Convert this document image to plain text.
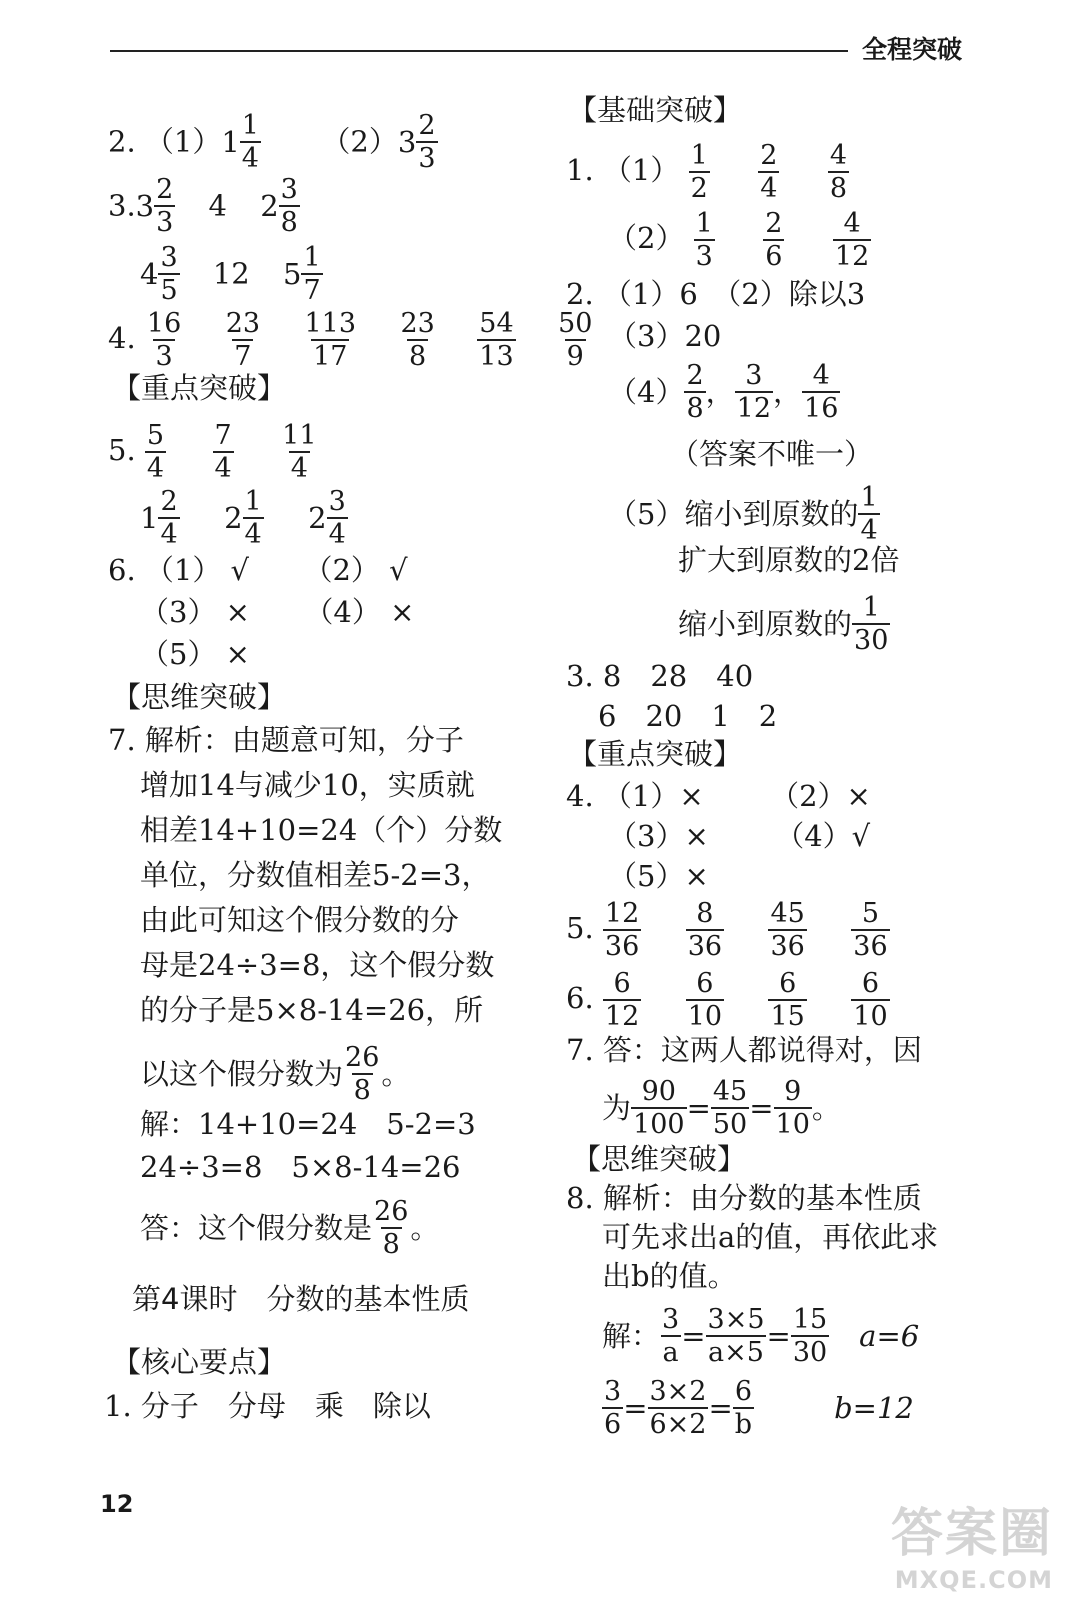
全程突破
2. （1） $1 \frac{1}{4} (2)$ $3 \frac{2}{3}$
3. $3 \frac{2}{3} 4$ $2 \frac{3}{8}$
$4 \frac{3}{5} 12$ $5 \frac{1}{7}$
4. $\frac{16}{3}$
$\frac{23}{7}$
$\frac{113}{17}$
$\frac{23}{8}$
$\frac{54}{13}$
$\frac{50}{9}$
【重点突破】
5. $\frac{5}{4}$
$\frac{7}{4}$
$\frac{11}{4}$
$1 \frac{2}{4}$
$2 \frac{1}{4}$
$2 \frac{3}{4}$
6. （1） √ （2） √
（3） × （4） ×
（5） ×
【思维突破】
7. 解析：由题意可知，分子
增加14与减少10，实质就
相差14+10=24（个）分数
单位，分数值相差5-2=3，
由此可知这个假分数的分
母是24÷3=8，这个假分数
的分子是5×8-14=26，所
以这个假分数为 $\frac{26}{8}$ 。
解：14+10=24　5-2=3
24÷3=8　5×8-14=26
答：这个假分数是 $\frac{26}{8}$ 。
第4课时　分数的基本性质
【核心要点】
1. 分子　分母　乘　除以
12
【基础突破】
1. $(1) \frac{1}{2}$
$\frac{2}{4}$
$\frac{4}{8}$
$(2) \frac{1}{3}$
$\frac{2}{6}$
$\frac{4}{12}$
2. （1）6　（2）除以3
（3）20
$(4) \frac{2}{8}$ ， $\frac{3}{12}$ ， $\frac{4}{16}$
（答案不唯一）
（5） 缩小到原数的 $\frac{1}{4}$
扩大到原数的2倍
缩小到原数的 $\frac{1}{30}$
3. 8　28　40
6　20　1　2
【重点突破】
4. （1）× （2）×
（3）× （4）√
（5）×
5. $\frac{12}{36}$
$\frac{8}{36}$
$\frac{45}{36}$
$\frac{5}{36}$
6. $\frac{6}{12}$
$\frac{6}{10}$
$\frac{6}{15}$
$\frac{6}{10}$
7. 答：这两人都说得对，因
为 $\frac{90}{100} = \frac{45}{50} = \frac{9}{10}$ 。
【思维突破】
8. 解析：由分数的基本性质
可先求出a的值，再依此求
出b的值。
解： $\frac{3}{a} = \frac{3\times 5}{a\times 5} = \frac{15}{30} a=6$
$\frac{3}{6} = \frac{3\times 2}{6\times 2} = \frac{6}{b}$	b=12
答案圈
MXQE.COM
